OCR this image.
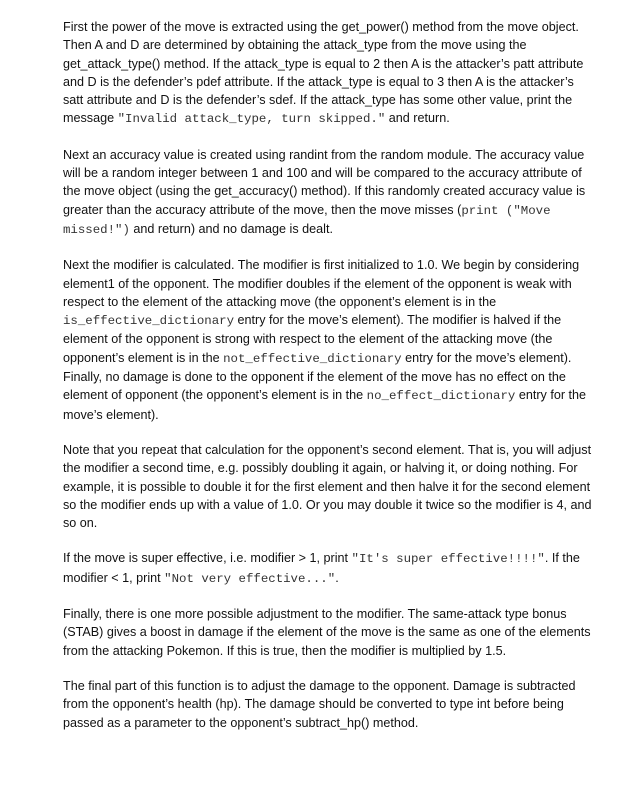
First the power of the move is extracted using the get_power() method from the move object. Then A and D are determined by obtaining the attack_type from the move using the get_attack_type() method. If the attack_type is equal to 2 then A is the attacker’s patt attribute and D is the defender’s pdef attribute. If the attack_type is equal to 3 then A is the attacker’s satt attribute and D is the defender’s sdef. If the attack_type has some other value, print the message "Invalid attack_type, turn skipped." and return.

Next an accuracy value is created using randint from the random module. The accuracy value will be a random integer between 1 and 100 and will be compared to the accuracy attribute of the move object (using the get_accuracy() method). If this randomly created accuracy value is greater than the accuracy attribute of the move, then the move misses (print ("Move missed!") and return) and no damage is dealt.

Next the modifier is calculated. The modifier is first initialized to 1.0. We begin by considering element1 of the opponent. The modifier doubles if the element of the opponent is weak with respect to the element of the attacking move (the opponent’s element is in the is_effective_dictionary entry for the move’s element). The modifier is halved if the element of the opponent is strong with respect to the element of the attacking move (the opponent’s element is in the not_effective_dictionary entry for the move’s element). Finally, no damage is done to the opponent if the element of the move has no effect on the element of opponent (the opponent’s element is in the no_effect_dictionary entry for the move’s element).

Note that you repeat that calculation for the opponent’s second element. That is, you will adjust the modifier a second time, e.g. possibly doubling it again, or halving it, or doing nothing. For example, it is possible to double it for the first element and then halve it for the second element so the modifier ends up with a value of 1.0. Or you may double it twice so the modifier is 4, and so on.

If the move is super effective, i.e. modifier > 1, print "It's super effective!!!!". If the modifier < 1, print "Not very effective...".

Finally, there is one more possible adjustment to the modifier. The same-attack type bonus (STAB) gives a boost in damage if the element of the move is the same as one of the elements from the attacking Pokemon. If this is true, then the modifier is multiplied by 1.5.

The final part of this function is to adjust the damage to the opponent. Damage is subtracted from the opponent’s health (hp). The damage should be converted to type int before being passed as a parameter to the opponent’s subtract_hp() method.
